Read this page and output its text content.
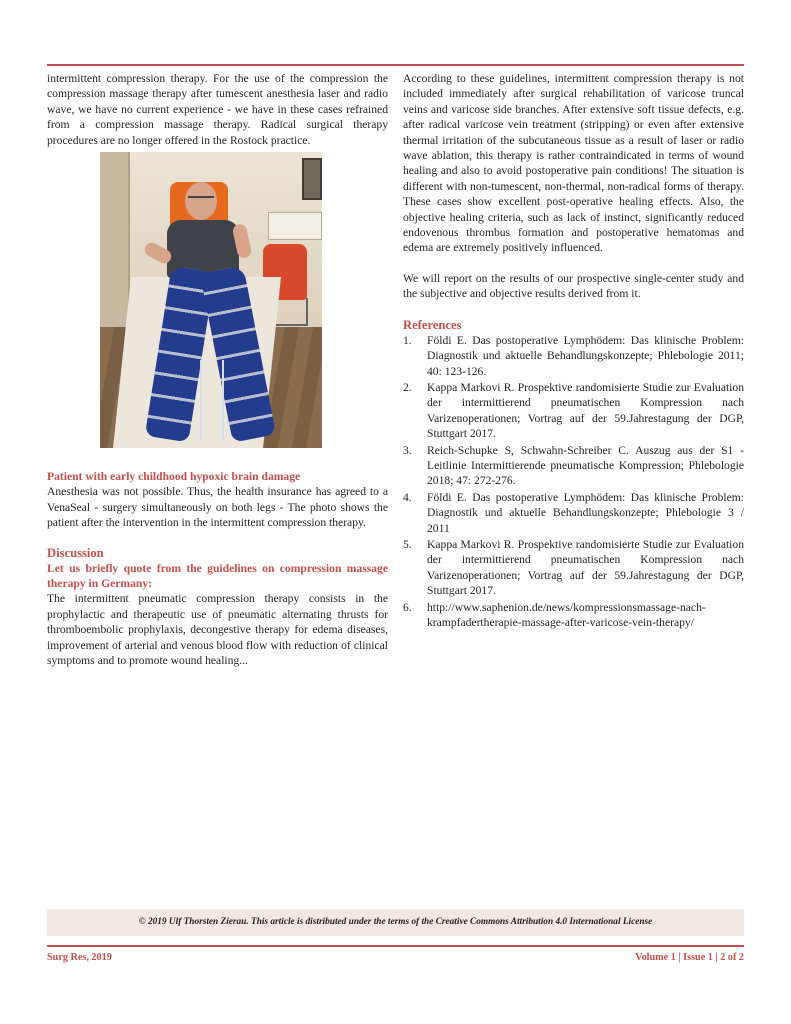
intermittent compression therapy. For the use of the compression the compression massage therapy after tumescent anesthesia laser and radio wave, we have no current experience - we have in these cases refrained from a compression massage therapy. Radical surgical therapy procedures are no longer offered in the Rostock practice.

Patient with early childhood hypoxic brain damage

Anesthesia was not possible. Thus, the health insurance has agreed to a VenaSeal - surgery simultaneously on both legs - The photo shows the patient after the intervention in the intermittent compression therapy.

Discussion
Let us briefly quote from the guidelines on compression massage therapy in Germany:

The intermittent pneumatic compression therapy consists in the prophylactic and therapeutic use of pneumatic alternating thrusts for thromboembolic prophylaxis, decongestive therapy for edema diseases, improvement of arterial and venous blood flow with reduction of clinical symptoms and to promote wound healing...

According to these guidelines, intermittent compression therapy is not included immediately after surgical rehabilitation of varicose truncal veins and varicose side branches. After extensive soft tissue defects, e.g. after radical varicose vein treatment (stripping) or even after extensive thermal irritation of the subcutaneous tissue as a result of laser or radio wave ablation, this therapy is rather contraindicated in terms of wound healing and also to avoid postoperative pain conditions! The situation is different with non-tumescent, non-thermal, non-radical forms of therapy. These cases show excellent post-operative healing effects. Also, the objective healing criteria, such as lack of instinct, significantly reduced endovenous thrombus formation and postoperative hematomas and edema are extremely positively influenced.

We will report on the results of our prospective single-center study and the subjective and objective results derived from it.

References
1.	Földi E. Das postoperative Lymphödem: Das klinische Problem: Diagnostik und aktuelle Behandlungskonzepte; Phlebologie 2011; 40: 123-126.
2.	Kappa Markovi R. Prospektive randomisierte Studie zur Evaluation der intermittierend pneumatischen Kompression nach Varizenoperationen; Vortrag auf der 59.Jahrestagung der DGP, Stuttgart 2017.
3.	Reich-Schupke S, Schwahn-Schreiber C. Auszug aus der S1 - Leitlinie Intermittierende pneumatische Kompression; Phlebologie 2018; 47: 272-276.
4.	Földi E. Das postoperative Lymphödem: Das klinische Problem: Diagnostik und aktuelle Behandlungskonzepte; Phlebologie 3 / 2011
5.	Kappa Markovi R. Prospektive randomisierte Studie zur Evaluation der intermittierend pneumatischen Kompression nach Varizenoperationen; Vortrag auf der 59.Jahrestagung der DGP, Stuttgart 2017.
6.	http://www.saphenion.de/news/kompressionsmassage-nach-krampfadertherapie-massage-after-varicose-vein-therapy/
© 2019 Ulf Thorsten Zierau. This article is distributed under the terms of the Creative Commons Attribution 4.0 International License
Surg Res, 2019	Volume 1 | Issue 1 | 2 of 2
